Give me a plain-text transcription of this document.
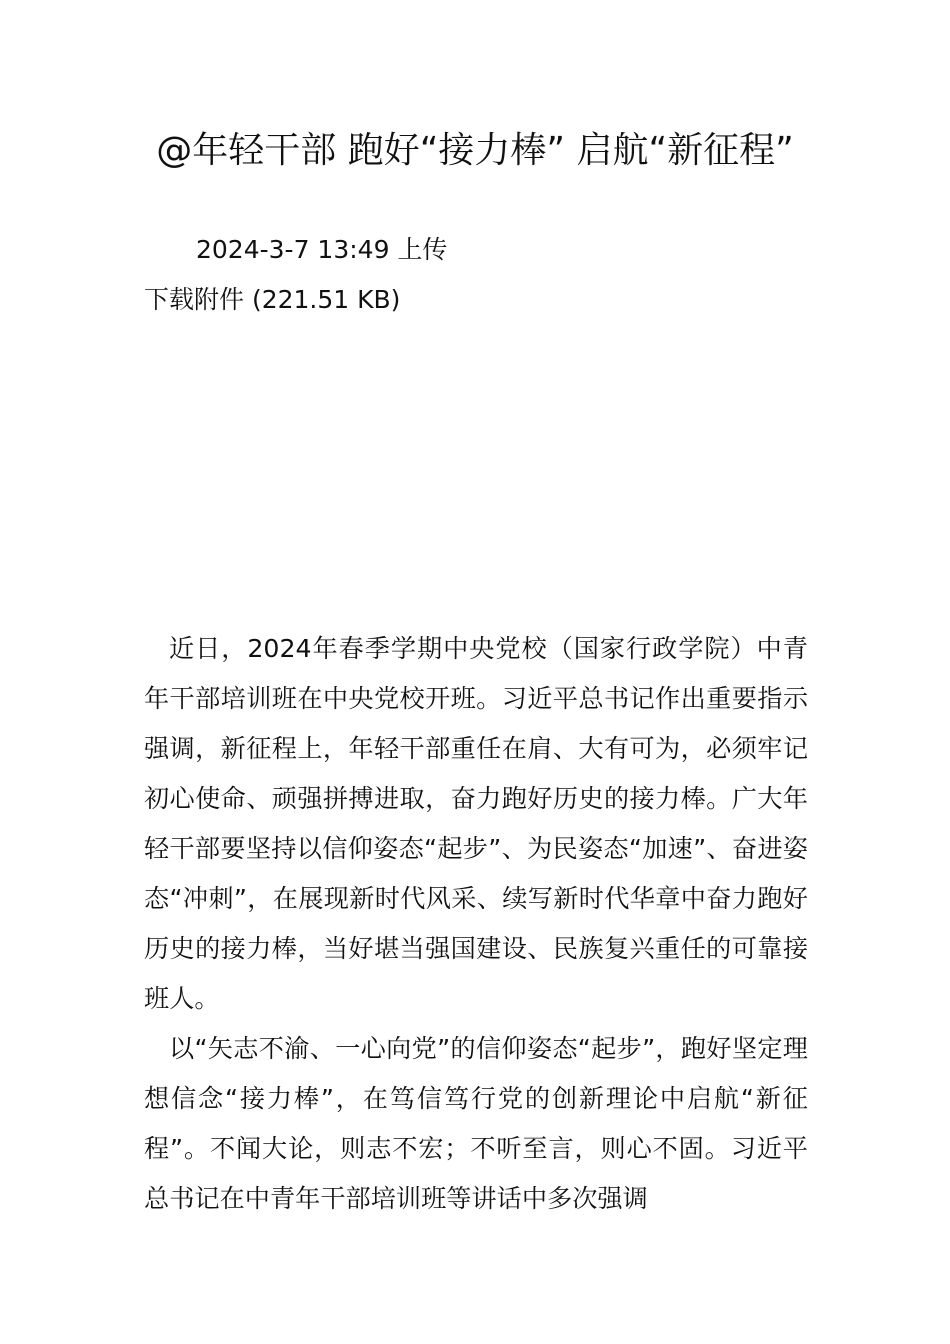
@年轻干部 跑好“接力棒” 启航“新征程”
2024-3-7 13:49 上传
下载附件 (221.51 KB)

近日，2024年春季学期中央党校（国家行政学院）中青年干部培训班在中央党校开班。习近平总书记作出重要指示强调，新征程上，年轻干部重任在肩、大有可为，必须牢记初心使命、顽强拼搏进取，奋力跑好历史的接力棒。广大年轻干部要坚持以信仰姿态“起步”、为民姿态“加速”、奋进姿态“冲刺”，在展现新时代风采、续写新时代华章中奋力跑好历史的接力棒，当好堪当强国建设、民族复兴重任的可靠接班人。

以“矢志不渝、一心向党”的信仰姿态“起步”，跑好坚定理想信念“接力棒”，在笃信笃行党的创新理论中启航“新征程”。不闻大论，则志不宏；不听至言，则心不固。习近平总书记在中青年干部培训班等讲话中多次强调
